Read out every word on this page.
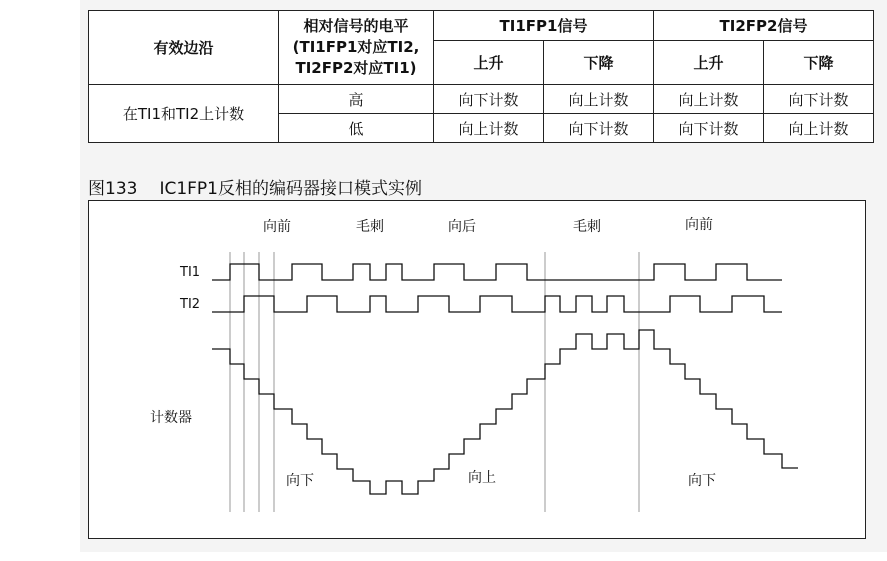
有效边沿	相对信号的电平
(TI1FP1对应TI2,
TI2FP2对应TI1)	TI1FP1信号		TI2FP2信号	
		上升	下降	上升	下降
在TI1和TI2上计数	高	向下计数	向上计数	向上计数	向下计数
	低	向上计数	向下计数	向下计数	向上计数
图133 IC1FP1反相的编码器接口模式实例
向前	毛刺	向后	毛刺	向前
TI1
TI2
计数器
向下	向上	向下
